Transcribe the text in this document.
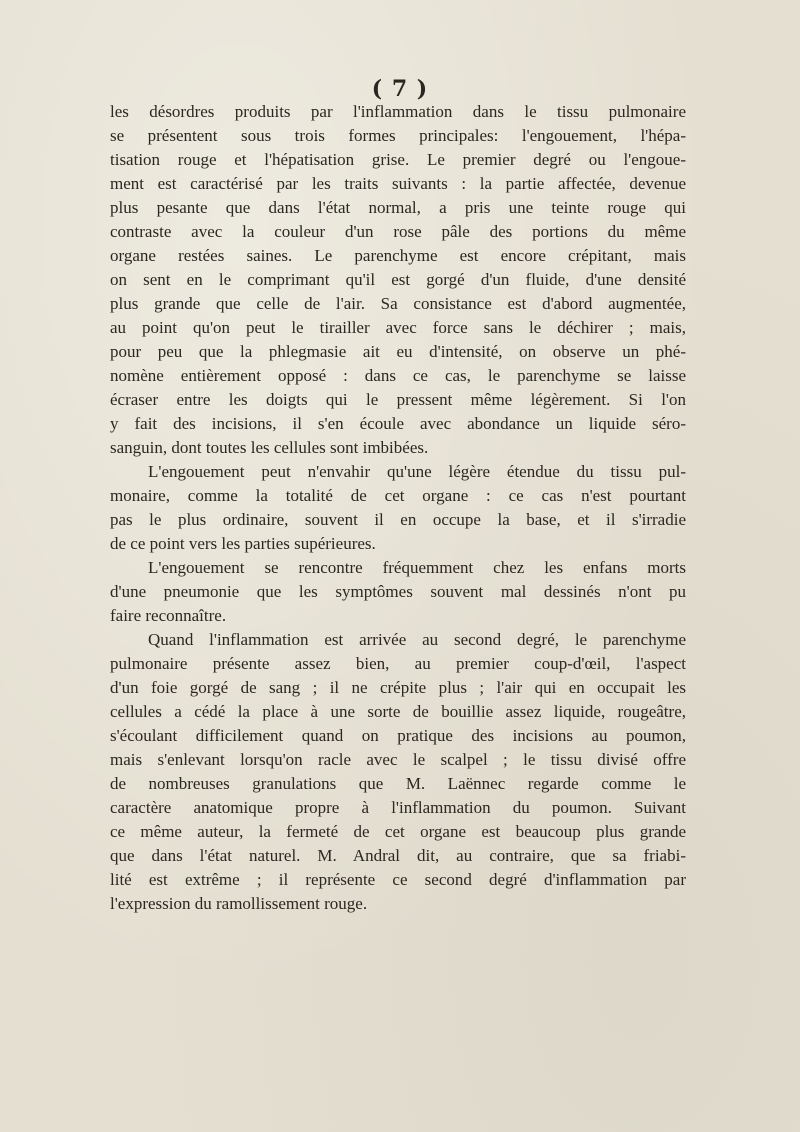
( 7 )
les désordres produits par l'inflammation dans le tissu pulmonaire
se présentent sous trois formes principales: l'engouement, l'hépa-
tisation rouge et l'hépatisation grise. Le premier degré ou l'engoue-
ment est caractérisé par les traits suivants : la partie affectée, devenue
plus pesante que dans l'état normal, a pris une teinte rouge qui
contraste avec la couleur d'un rose pâle des portions du même
organe restées saines. Le parenchyme est encore crépitant, mais
on sent en le comprimant qu'il est gorgé d'un fluide, d'une densité
plus grande que celle de l'air. Sa consistance est d'abord augmentée,
au point qu'on peut le tirailler avec force sans le déchirer ; mais,
pour peu que la phlegmasie ait eu d'intensité, on observe un phé-
nomène entièrement opposé : dans ce cas, le parenchyme se laisse
écraser entre les doigts qui le pressent même légèrement. Si l'on
y fait des incisions, il s'en écoule avec abondance un liquide séro-
sanguin, dont toutes les cellules sont imbibées.
L'engouement peut n'envahir qu'une légère étendue du tissu pul-
monaire, comme la totalité de cet organe : ce cas n'est pourtant
pas le plus ordinaire, souvent il en occupe la base, et il s'irradie
de ce point vers les parties supérieures.
L'engouement se rencontre fréquemment chez les enfans morts
d'une pneumonie que les symptômes souvent mal dessinés n'ont pu
faire reconnaître.
Quand l'inflammation est arrivée au second degré, le parenchyme
pulmonaire présente assez bien, au premier coup-d'œil, l'aspect
d'un foie gorgé de sang ; il ne crépite plus ; l'air qui en occupait les
cellules a cédé la place à une sorte de bouillie assez liquide, rougeâtre,
s'écoulant difficilement quand on pratique des incisions au poumon,
mais s'enlevant lorsqu'on racle avec le scalpel ; le tissu divisé offre
de nombreuses granulations que M. Laënnec regarde comme le
caractère anatomique propre à l'inflammation du poumon. Suivant
ce même auteur, la fermeté de cet organe est beaucoup plus grande
que dans l'état naturel. M. Andral dit, au contraire, que sa friabi-
lité est extrême ; il représente ce second degré d'inflammation par
l'expression du ramollissement rouge.
